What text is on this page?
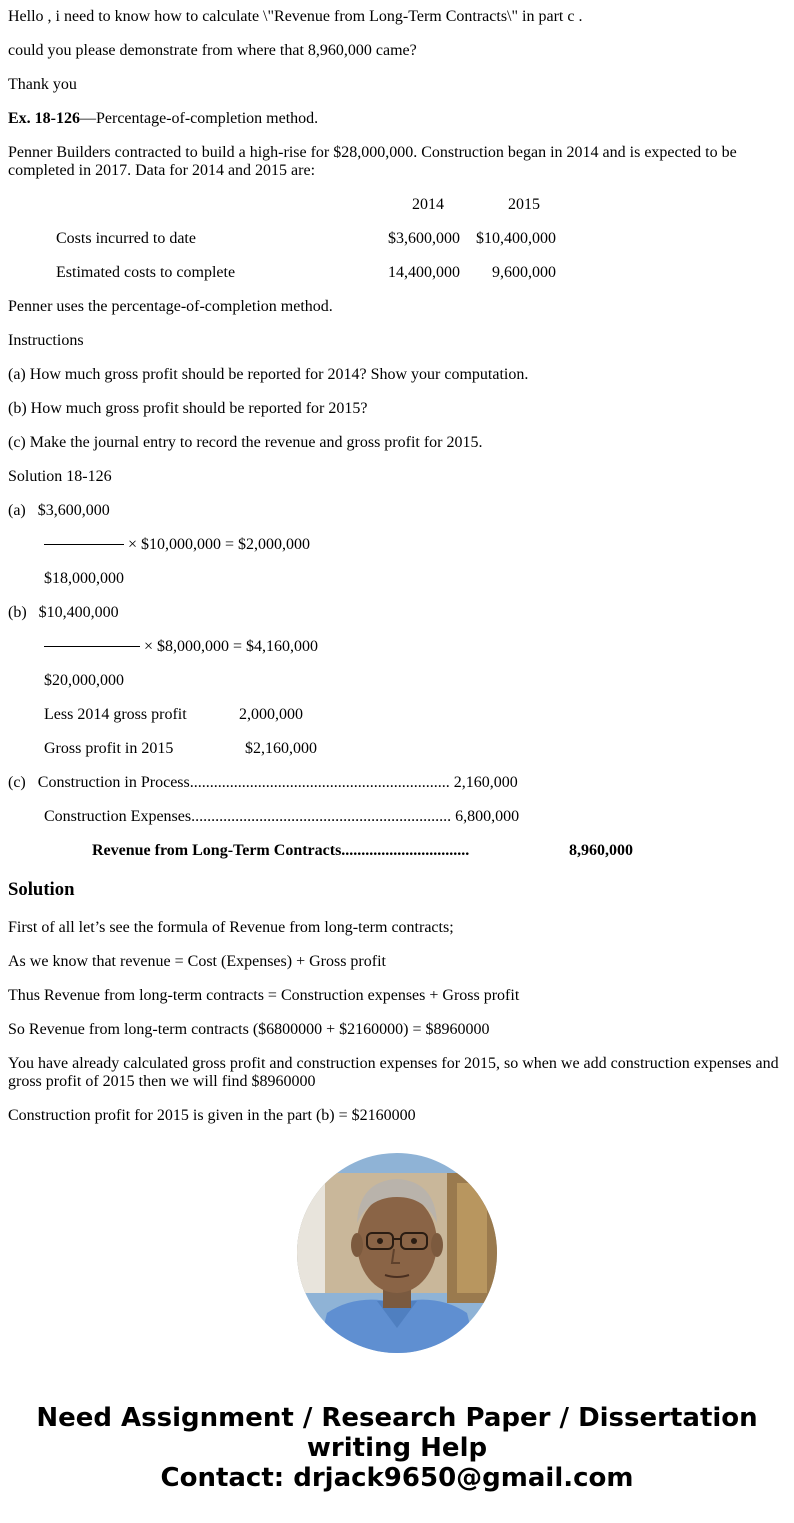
Hello , i need to know how to calculate \"Revenue from Long-Term Contracts\" in part c .
could you please demonstrate from where that 8,960,000 came?
Thank you
Ex. 18-126—Percentage-of-completion method.
Penner Builders contracted to build a high-rise for $28,000,000. Construction began in 2014 and is expected to be completed in 2017. Data for 2014 and 2015 are:
2014	2015
Costs incurred to date	$3,600,000	$10,400,000
Estimated costs to complete	14,400,000	9,600,000
Penner uses the percentage-of-completion method.
Instructions
(a) How much gross profit should be reported for 2014? Show your computation.
(b) How much gross profit should be reported for 2015?
(c) Make the journal entry to record the revenue and gross profit for 2015.
Solution 18-126
(a) $3,600,000
× $10,000,000 = $2,000,000
$18,000,000
(b) $10,400,000
× $8,000,000 = $4,160,000
$20,000,000
Less 2014 gross profit	2,000,000
Gross profit in 2015	$2,160,000
(c) Construction in Process................................................................. 2,160,000
Construction Expenses................................................................. 6,800,000
Revenue from Long-Term Contracts................................	8,960,000
Solution
First of all let’s see the formula of Revenue from long-term contracts;
As we know that revenue = Cost (Expenses) + Gross profit
Thus Revenue from long-term contracts = Construction expenses + Gross profit
So Revenue from long-term contracts ($6800000 + $2160000) = $8960000
You have already calculated gross profit and construction expenses for 2015, so when we add construction expenses and gross profit of 2015 then we will find $8960000
Construction profit for 2015 is given in the part (b) = $2160000
Need Assignment / Research Paper / Dissertation
writing Help
Contact: drjack9650@gmail.com
